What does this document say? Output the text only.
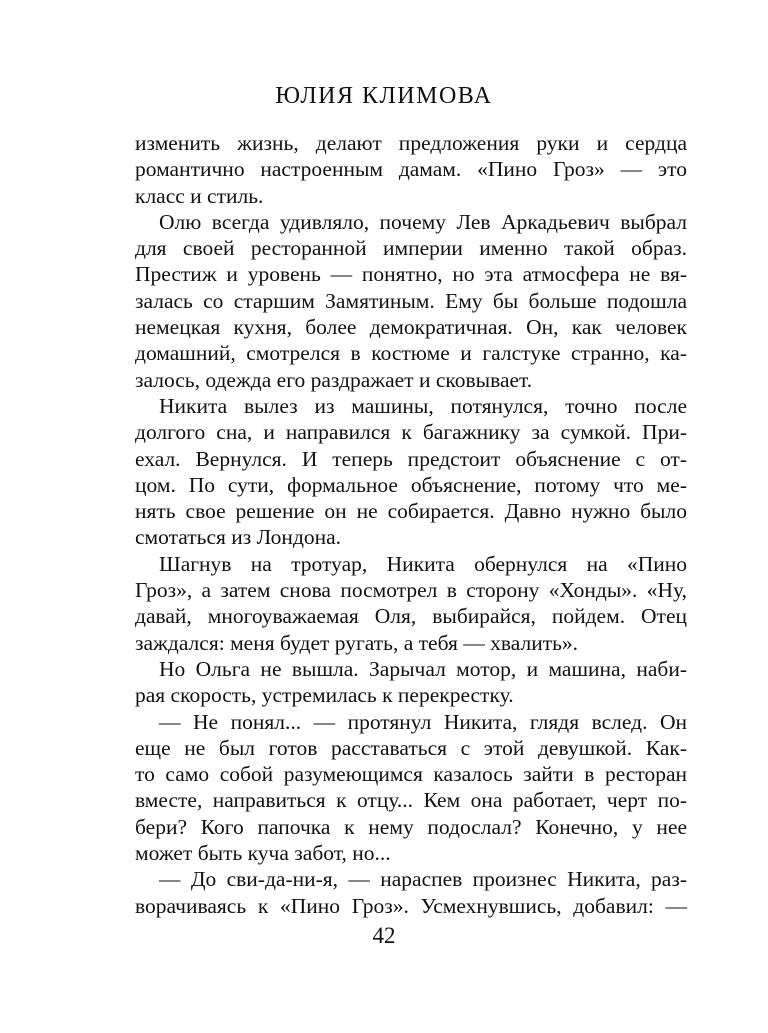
ЮЛИЯ КЛИМОВА
изменить жизнь, делают предложения руки и сердца
романтично настроенным дамам. «Пино Гроз» — это
класс и стиль.
Олю всегда удивляло, почему Лев Аркадьевич выбрал
для своей ресторанной империи именно такой образ.
Престиж и уровень — понятно, но эта атмосфера не вя-
залась со старшим Замятиным. Ему бы больше подошла
немецкая кухня, более демократичная. Он, как человек
домашний, смотрелся в костюме и галстуке странно, ка-
залось, одежда его раздражает и сковывает.
Никита вылез из машины, потянулся, точно после
долгого сна, и направился к багажнику за сумкой. При-
ехал. Вернулся. И теперь предстоит объяснение с от-
цом. По сути, формальное объяснение, потому что ме-
нять свое решение он не собирается. Давно нужно было
смотаться из Лондона.
Шагнув на тротуар, Никита обернулся на «Пино
Гроз», а затем снова посмотрел в сторону «Хонды». «Ну,
давай, многоуважаемая Оля, выбирайся, пойдем. Отец
заждался: меня будет ругать, а тебя — хвалить».
Но Ольга не вышла. Зарычал мотор, и машина, наби-
рая скорость, устремилась к перекрестку.
— Не понял... — протянул Никита, глядя вслед. Он
еще не был готов расставаться с этой девушкой. Как-
то само собой разумеющимся казалось зайти в ресторан
вместе, направиться к отцу... Кем она работает, черт по-
бери? Кого папочка к нему подослал? Конечно, у нее
может быть куча забот, но...
— До сви-да-ни-я, — нараспев произнес Никита, раз-
ворачиваясь к «Пино Гроз». Усмехнувшись, добавил: —
42
